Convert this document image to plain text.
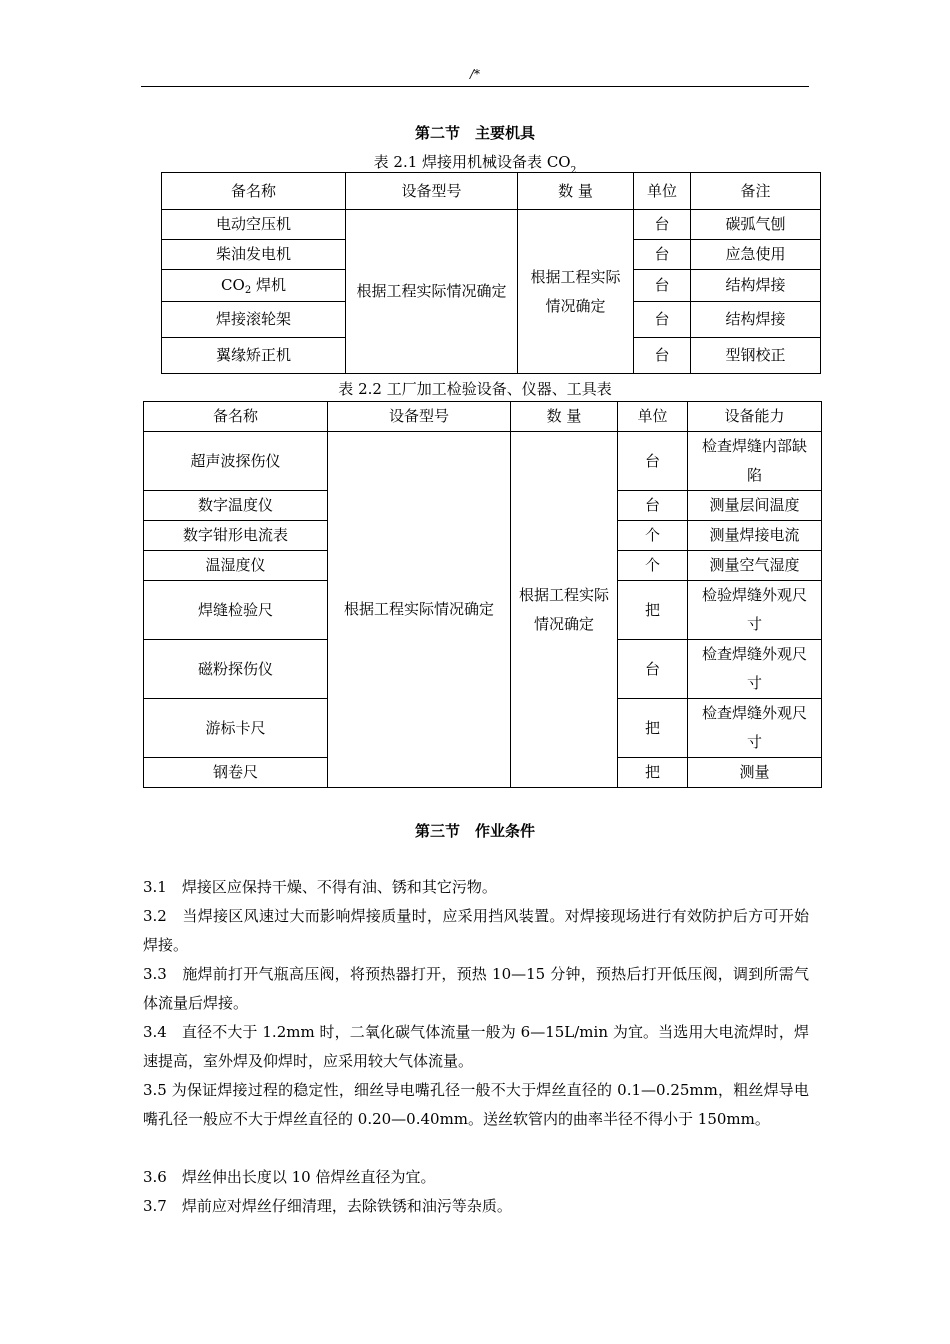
/*
第二节　主要机具
表 2.1 焊接用机械设备表 $CO_2$
备名称	设备型号	数 量	单位	备注
电动空压机	根据工程实际情况确定	根据工程实际情况确定	台	碳弧气刨
柴油发电机			台	应急使用
$CO_2$ 焊机			台	结构焊接
焊接滚轮架			台	结构焊接
翼缘矫正机			台	型钢校正
表 2.2 工厂加工检验设备、仪器、工具表
备名称	设备型号	数 量	单位	设备能力
超声波探伤仪	根据工程实际情况确定	根据工程实际情况确定	台	检查焊缝内部缺陷
数字温度仪			台	测量层间温度
数字钳形电流表			个	测量焊接电流
温湿度仪			个	测量空气湿度
焊缝检验尺			把	检验焊缝外观尺寸
磁粉探伤仪			台	检查焊缝外观尺寸
游标卡尺			把	检查焊缝外观尺寸
钢卷尺			把	测量
第三节　作业条件
3.1　焊接区应保持干燥、不得有油、锈和其它污物。
3.2　当焊接区风速过大而影响焊接质量时，应采用挡风装置。对焊接现场进行有效防护后方可开始焊接。
3.3　施焊前打开气瓶高压阀，将预热器打开，预热 10—15 分钟，预热后打开低压阀，调到所需气体流量后焊接。
3.4　直径不大于 1.2mm 时，二氧化碳气体流量一般为 6—15L/min 为宜。当选用大电流焊时，焊速提高，室外焊及仰焊时，应采用较大气体流量。
3.5 为保证焊接过程的稳定性，细丝导电嘴孔径一般不大于焊丝直径的 0.1—0.25mm，粗丝焊导电嘴孔径一般应不大于焊丝直径的 0.20—0.40mm。送丝软管内的曲率半径不得小于 150mm。
3.6　焊丝伸出长度以 10 倍焊丝直径为宜。
3.7　焊前应对焊丝仔细清理，去除铁锈和油污等杂质。
